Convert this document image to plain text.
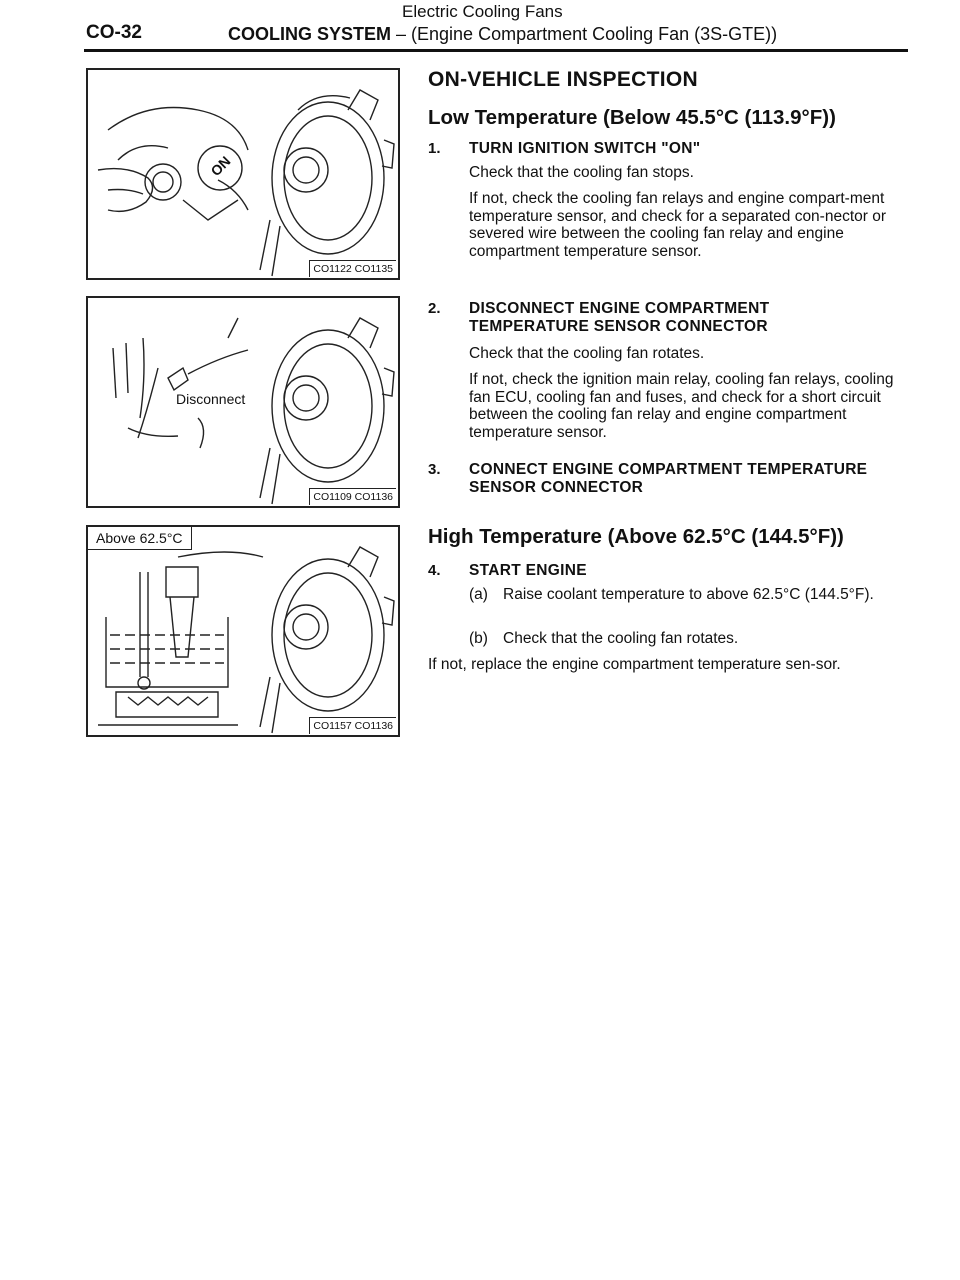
CO-32
Electric Cooling Fans
COOLING SYSTEM – (Engine Compartment Cooling Fan (3S-GTE))
ON
CO1122 CO1135
Disconnect
CO1109 CO1136
Above 62.5°C
CO1157 CO1136
ON-VEHICLE INSPECTION
Low Temperature (Below 45.5°C (113.9°F))
1. TURN IGNITION SWITCH "ON"
Check that the cooling fan stops.
If not, check the cooling fan relays and engine compart-ment temperature sensor, and check for a separated con-nector or severed wire between the cooling fan relay and engine compartment temperature sensor.
2. DISCONNECT ENGINE COMPARTMENT TEMPERATURE SENSOR CONNECTOR
Check that the cooling fan rotates.
If not, check the ignition main relay, cooling fan relays, cooling fan ECU, cooling fan and fuses, and check for a short circuit between the cooling fan relay and engine compartment temperature sensor.
3. CONNECT ENGINE COMPARTMENT TEMPERATURE SENSOR CONNECTOR
High Temperature (Above 62.5°C (144.5°F))
4. START ENGINE
(a) Raise coolant temperature to above 62.5°C (144.5°F).
(b) Check that the cooling fan rotates.
If not, replace the engine compartment temperature sen-sor.
